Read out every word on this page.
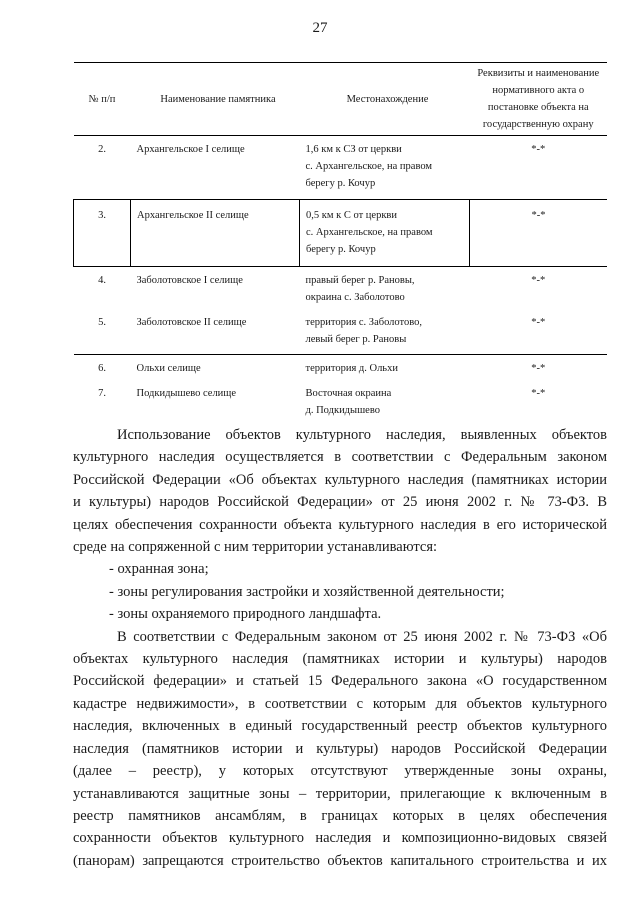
27
№ п/п	Наименование памятника	Местонахождение	Реквизиты и наименование нормативного акта о постановке объекта на государственную охрану
2.	Архангельское I селище	1,6 км к СЗ от церкви
с. Архангельское, на правом
берегу р. Кочур	*-*
3.	Архангельское II селище	0,5 км к С от церкви
с. Архангельское, на правом
берегу р. Кочур	*-*
4.	Заболотовское I селище	правый берег р. Рановы,
окраина с. Заболотово	*-*
5.	Заболотовское II селище	территория с. Заболотово,
левый берег р. Рановы	*-*
6.	Ольхи селище	территория д. Ольхи	*-*
7.	Подкидышево селище	Восточная окраина
д. Подкидышево	*-*

Использование объектов культурного наследия, выявленных объектов

культурного наследия осуществляется в соответствии с Федеральным законом

Российской Федерации «Об объектах культурного наследия (памятниках истории

и культуры) народов Российской Федерации» от 25 июня 2002 г. № 73-ФЗ. В

целях обеспечения сохранности объекта культурного наследия в его исторической

среде на сопряженной с ним территории устанавливаются:

- охранная зона;

- зоны регулирования застройки и хозяйственной деятельности;

- зоны охраняемого природного ландшафта.

В соответствии с Федеральным законом от 25 июня 2002 г. № 73-ФЗ «Об

объектах культурного наследия (памятниках истории и культуры) народов

Российской федерации» и статьей 15 Федерального закона «О государственном

кадастре недвижимости», в соответствии с которым для объектов культурного

наследия, включенных в единый государственный реестр объектов культурного

наследия (памятников истории и культуры) народов Российской Федерации

(далее – реестр), у которых отсутствуют утвержденные зоны охраны,

устанавливаются защитные зоны – территории, прилегающие к включенным в

реестр памятников ансамблям, в границах которых в целях обеспечения

сохранности объектов культурного наследия и композиционно-видовых связей

(панорам) запрещаются строительство объектов капитального строительства и их
